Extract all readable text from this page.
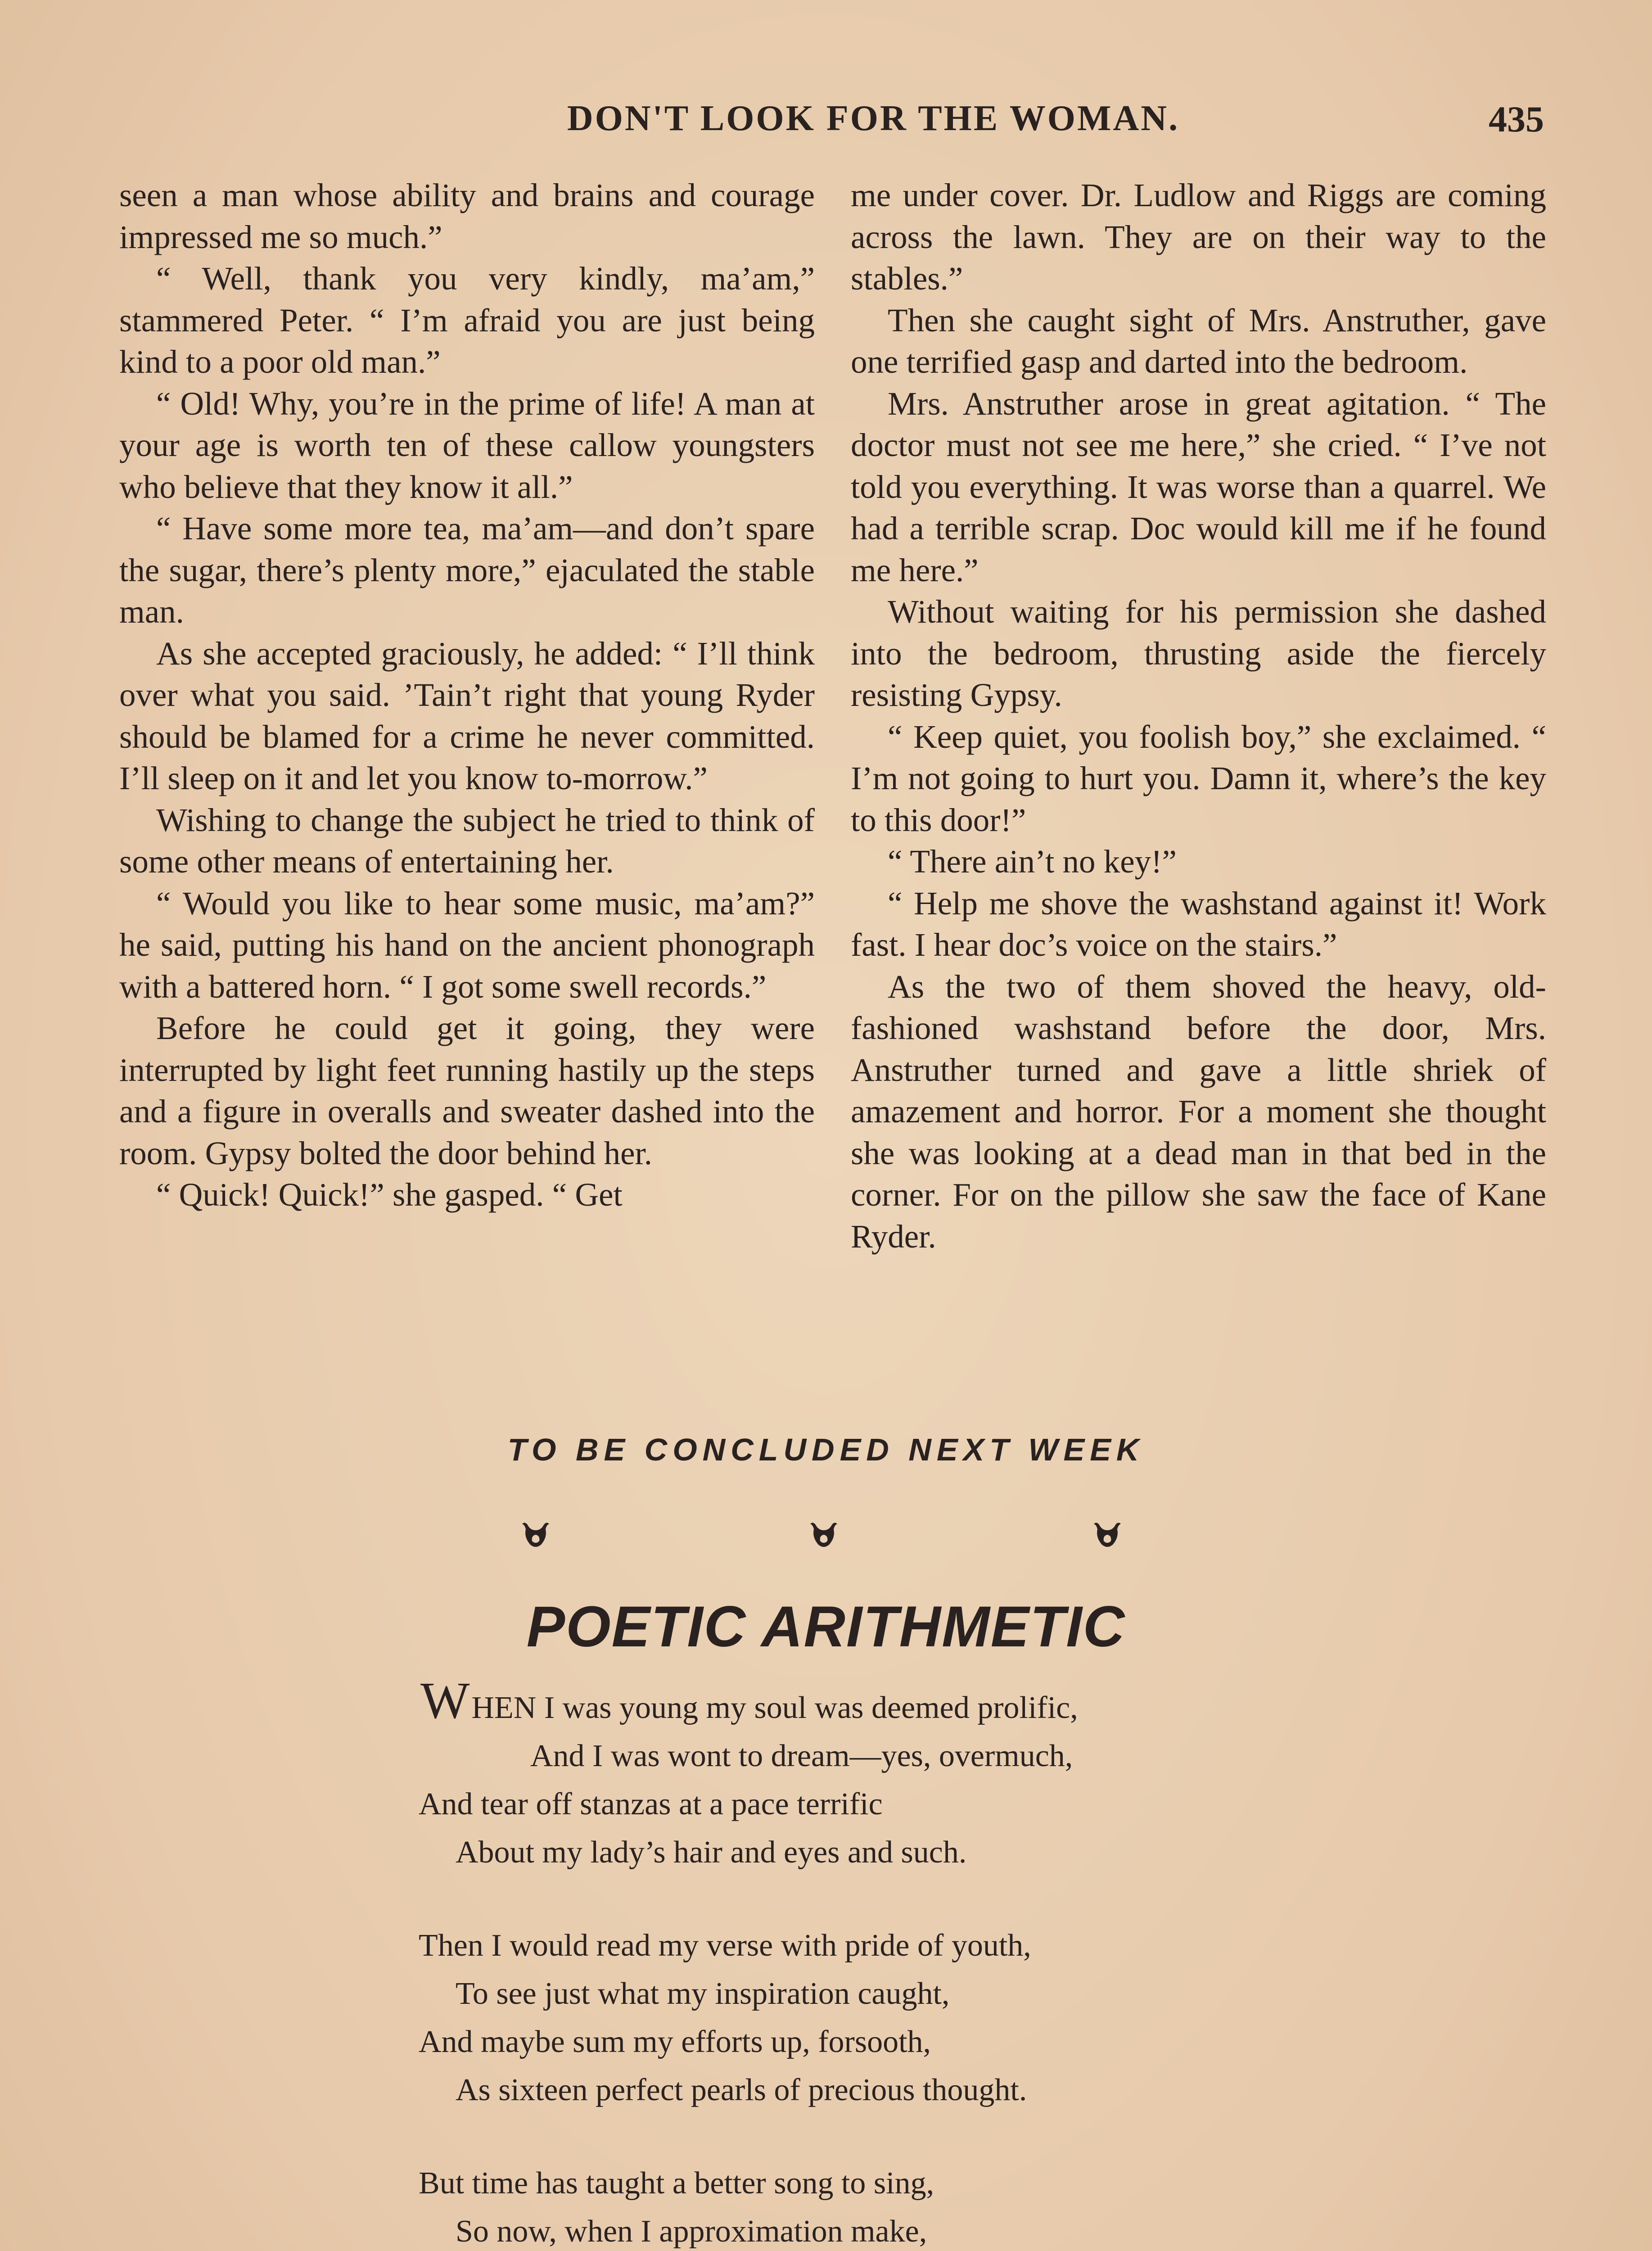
DON'T LOOK FOR THE WOMAN.	435

seen a man whose ability and brains and courage impressed me so much.”

“ Well, thank you very kindly, ma’am,” stammered Peter. “ I’m afraid you are just being kind to a poor old man.”

“ Old! Why, you’re in the prime of life! A man at your age is worth ten of these callow youngsters who believe that they know it all.”

“ Have some more tea, ma’am—and don’t spare the sugar, there’s plenty more,” ejaculated the stable man.

As she accepted graciously, he added: “ I’ll think over what you said. ’Tain’t right that young Ryder should be blamed for a crime he never committed. I’ll sleep on it and let you know to-morrow.”

Wishing to change the subject he tried to think of some other means of entertaining her.

“ Would you like to hear some music, ma’am?” he said, putting his hand on the ancient phonograph with a battered horn. “ I got some swell records.”

Before he could get it going, they were interrupted by light feet running hastily up the steps and a figure in overalls and sweater dashed into the room. Gypsy bolted the door behind her.

“ Quick! Quick!” she gasped. “ Get

me under cover. Dr. Ludlow and Riggs are coming across the lawn. They are on their way to the stables.”

Then she caught sight of Mrs. Anstruther, gave one terrified gasp and darted into the bedroom.

Mrs. Anstruther arose in great agitation. “ The doctor must not see me here,” she cried. “ I’ve not told you everything. It was worse than a quarrel. We had a terrible scrap. Doc would kill me if he found me here.”

Without waiting for his permission she dashed into the bedroom, thrusting aside the fiercely resisting Gypsy.

“ Keep quiet, you foolish boy,” she exclaimed. “ I’m not going to hurt you. Damn it, where’s the key to this door!”

“ There ain’t no key!”

“ Help me shove the washstand against it! Work fast. I hear doc’s voice on the stairs.”

As the two of them shoved the heavy, old-fashioned washstand before the door, Mrs. Anstruther turned and gave a little shriek of amazement and horror. For a moment she thought she was looking at a dead man in that bed in the corner. For on the pillow she saw the face of Kane Ryder.

TO BE CONCLUDED NEXT WEEK
POETIC ARITHMETIC
WHEN I was young my soul was deemed prolific,
And I was wont to dream—yes, overmuch,
And tear off stanzas at a pace terrific
About my lady’s hair and eyes and such.
Then I would read my verse with pride of youth,
To see just what my inspiration caught,
And maybe sum my efforts up, forsooth,
As sixteen perfect pearls of precious thought.
But time has taught a better song to sing,
So now, when I approximation make,
